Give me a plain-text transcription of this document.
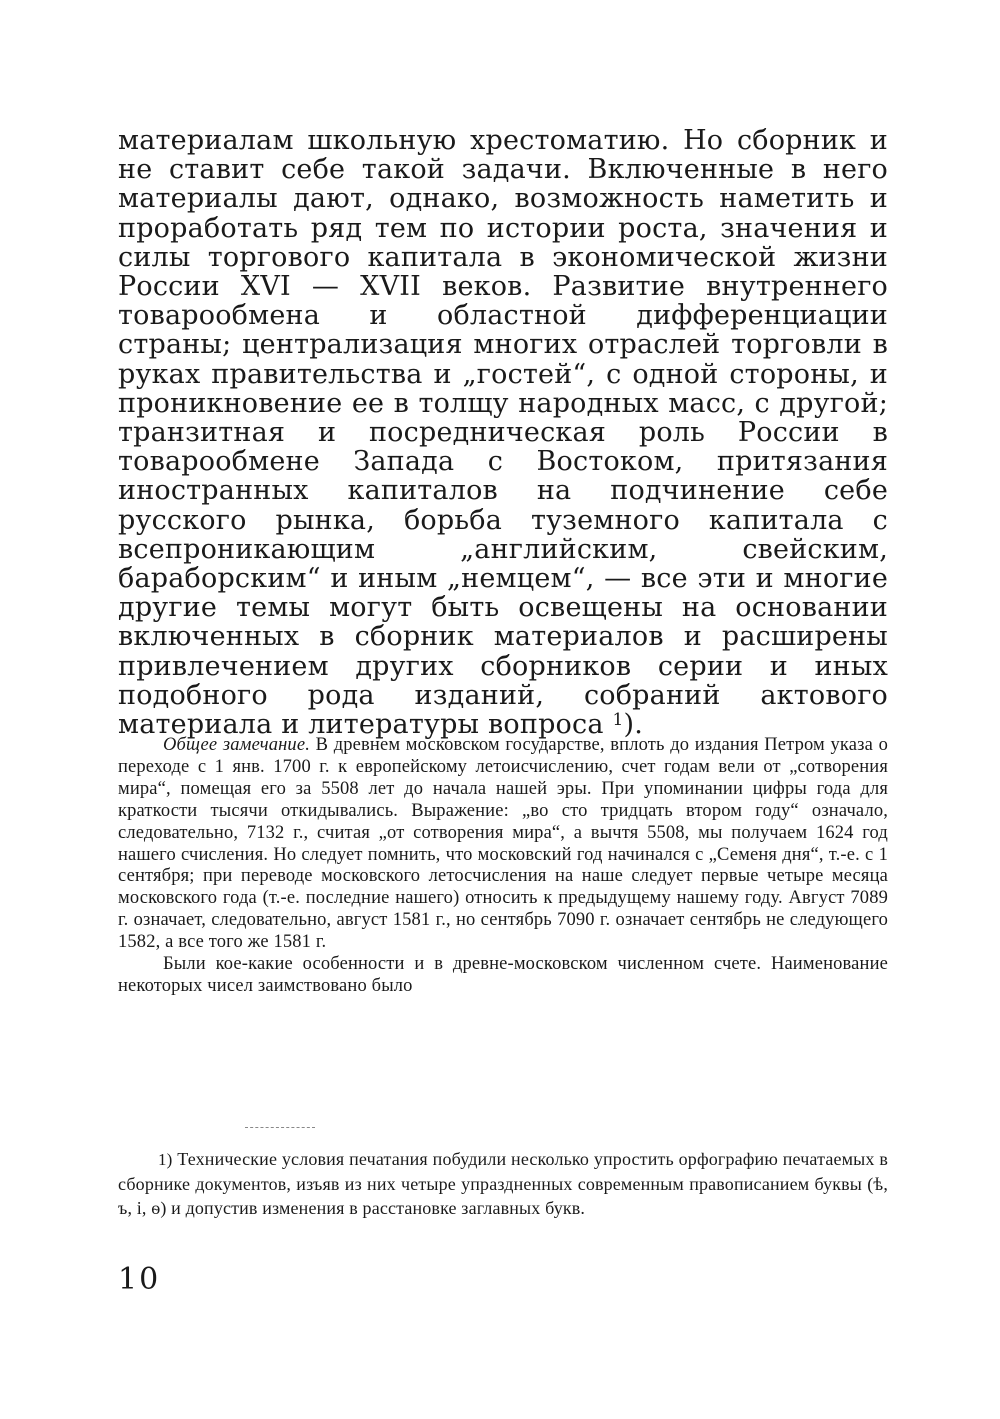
материалам школьную хрестоматию. Но сборник и не ставит себе такой задачи. Включенные в него материалы дают, однако, возможность наметить и проработать ряд тем по истории роста, значения и силы торгового капитала в экономической жизни России XVI — XVII веков. Развитие внутреннего товарообмена и областной дифференциации страны; централизация многих отраслей торговли в руках правительства и „гостей“, с одной стороны, и проникновение ее в толщу народных масс, с другой; транзитная и посредническая роль России в товарообмене Запада с Востоком, притязания иностранных капиталов на подчинение себе русского рынка, борьба туземного капитала с всепроникающим „английским, свейским, бараборским“ и иным „немцем“, — все эти и многие другие темы могут быть освещены на основании включенных в сборник материалов и расширены привлечением других сборников серии и иных подобного рода изданий, собраний актового материала и литературы вопроса $^1$).

Общее замечание. В древнем московском государстве, вплоть до издания Петром указа о переходе с 1 янв. 1700 г. к европейскому летоисчислению, счет годам вели от „сотворения мира“, помещая его за 5508 лет до начала нашей эры. При упоминании цифры года для краткости тысячи откидывались. Выражение: „во сто тридцать втором году“ означало, следовательно, 7132 г., считая „от сотворения мира“, а вычтя 5508, мы получаем 1624 год нашего счисления. Но следует помнить, что московский год начинался с „Семеня дня“, т.-е. с 1 сентября; при переводе московского летосчисления на наше следует первые четыре месяца московского года (т.-е. последние нашего) относить к предыдущему нашему году. Август 7089 г. означает, следовательно, август 1581 г., но сентябрь 7090 г. означает сентябрь не следующего 1582, а все того же 1581 г.

Были кое-какие особенности и в древне-московском численном счете. Наименование некоторых чисел заимствовано было

1) Технические условия печатания побудили несколько упростить орфографию печатаемых в сборнике документов, изъяв из них четыре упраздненных современным правописанием буквы (ѣ, ъ, і, ѳ) и допустив изменения в расстановке заглавных букв.

10
